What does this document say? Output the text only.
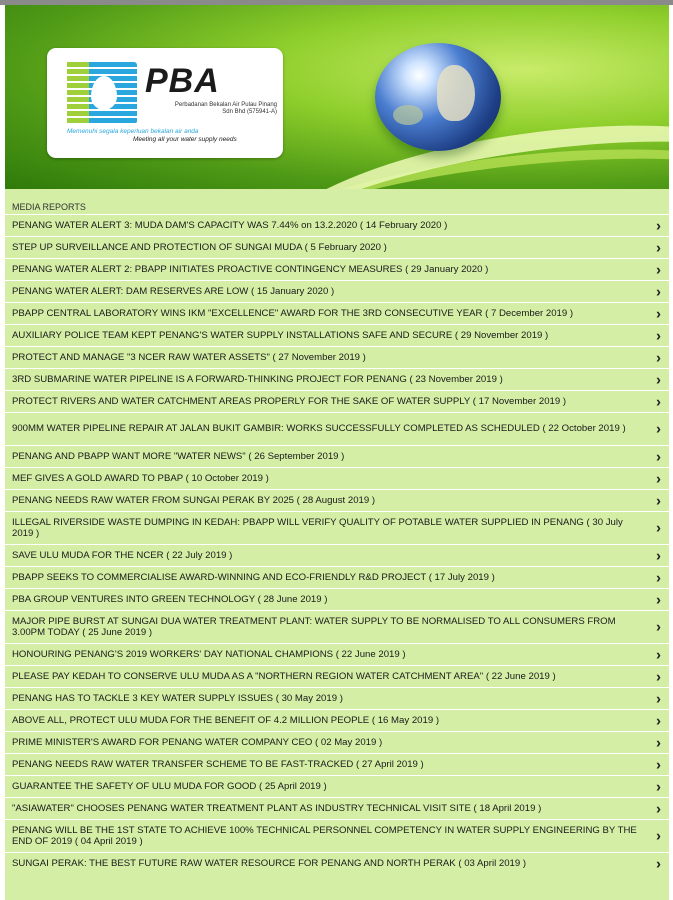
PBA
Perbadanan Bekalan Air Pulau Pinang Sdn Bhd (575941-A)
Memenuhi segala keperluan bekalan air anda
Meeting all your water supply needs
MEDIA REPORTS
PENANG WATER ALERT 3: MUDA DAM'S CAPACITY WAS 7.44% on 13.2.2020 ( 14 February 2020 )	›
STEP UP SURVEILLANCE AND PROTECTION OF SUNGAI MUDA ( 5 February 2020 )	›
PENANG WATER ALERT 2: PBAPP INITIATES PROACTIVE CONTINGENCY MEASURES ( 29 January 2020 )	›
PENANG WATER ALERT: DAM RESERVES ARE LOW ( 15 January 2020 )	›
PBAPP CENTRAL LABORATORY WINS IKM "EXCELLENCE" AWARD FOR THE 3RD CONSECUTIVE YEAR ( 7 December 2019 )	›
AUXILIARY POLICE TEAM KEPT PENANG'S WATER SUPPLY INSTALLATIONS SAFE AND SECURE ( 29 November 2019 )	›
PROTECT AND MANAGE "3 NCER RAW WATER ASSETS" ( 27 November 2019 )	›
3RD SUBMARINE WATER PIPELINE IS A FORWARD-THINKING PROJECT FOR PENANG ( 23 November 2019 )	›
PROTECT RIVERS AND WATER CATCHMENT AREAS PROPERLY FOR THE SAKE OF WATER SUPPLY ( 17 November 2019 )	›
900MM WATER PIPELINE REPAIR AT JALAN BUKIT GAMBIR: WORKS SUCCESSFULLY COMPLETED AS SCHEDULED ( 22 October 2019 ) ›
PENANG AND PBAPP WANT MORE "WATER NEWS" ( 26 September 2019 )	›
MEF GIVES A GOLD AWARD TO PBAP ( 10 October 2019 )	›
PENANG NEEDS RAW WATER FROM SUNGAI PERAK BY 2025 ( 28 August 2019 )	›
ILLEGAL RIVERSIDE WASTE DUMPING IN KEDAH: PBAPP WILL VERIFY QUALITY OF POTABLE WATER SUPPLIED IN PENANG ( 30 July 2019 )	›
SAVE ULU MUDA FOR THE NCER ( 22 July 2019 )	›
PBAPP SEEKS TO COMMERCIALISE AWARD-WINNING AND ECO-FRIENDLY R&D PROJECT ( 17 July 2019 )	›
PBA GROUP VENTURES INTO GREEN TECHNOLOGY ( 28 June 2019 )	›
MAJOR PIPE BURST AT SUNGAI DUA WATER TREATMENT PLANT: WATER SUPPLY TO BE NORMALISED TO ALL CONSUMERS FROM 3.00PM TODAY ( 25 June 2019 )	›
HONOURING PENANG'S 2019 WORKERS' DAY NATIONAL CHAMPIONS ( 22 June 2019 )	›
PLEASE PAY KEDAH TO CONSERVE ULU MUDA AS A "NORTHERN REGION WATER CATCHMENT AREA" ( 22 June 2019 )	›
PENANG HAS TO TACKLE 3 KEY WATER SUPPLY ISSUES ( 30 May 2019 )	›
ABOVE ALL, PROTECT ULU MUDA FOR THE BENEFIT OF 4.2 MILLION PEOPLE ( 16 May 2019 )	›
PRIME MINISTER'S AWARD FOR PENANG WATER COMPANY CEO ( 02 May 2019 )	›
PENANG NEEDS RAW WATER TRANSFER SCHEME TO BE FAST-TRACKED ( 27 April 2019 )	›
GUARANTEE THE SAFETY OF ULU MUDA FOR GOOD ( 25 April 2019 )	›
"ASIAWATER" CHOOSES PENANG WATER TREATMENT PLANT AS INDUSTRY TECHNICAL VISIT SITE ( 18 April 2019 )	›
PENANG WILL BE THE 1ST STATE TO ACHIEVE 100% TECHNICAL PERSONNEL COMPETENCY IN WATER SUPPLY ENGINEERING BY THE END OF 2019 ( 04 April 2019 )	›
SUNGAI PERAK: THE BEST FUTURE RAW WATER RESOURCE FOR PENANG AND NORTH PERAK ( 03 April 2019 )	›
